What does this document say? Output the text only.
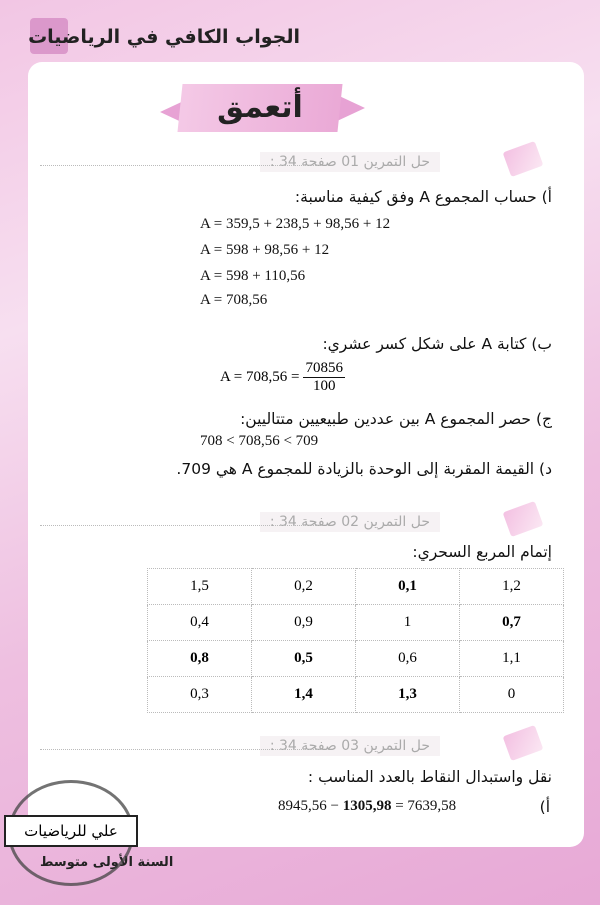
الجواب الكافي في الرياضيات
أتعمق
حل التمرين 01 صفحة 34 :
أ) حساب المجموع A وفق كيفية مناسبة:
A = 359,5 + 238,5 + 98,56 + 12
A = 598 + 98,56 + 12
A = 598 + 110,56
A = 708,56
ب) كتابة A على شكل كسر عشري:
$A = 708,56 = \frac{70856}{100}$
ج) حصر المجموع A بين عددين طبيعيين متتاليين:
708 < 708,56 < 709
د) القيمة المقربة إلى الوحدة بالزيادة للمجموع A هي 709.
حل التمرين 02 صفحة 34 :
إتمام المربع السحري:
1,5	0,2	0,1	1,2
0,4	0,9	1	0,7
0,8	0,5	0,6	1,1
0,3	1,4	1,3	0
حل التمرين 03 صفحة 34 :
نقل واستبدال النقاط بالعدد المناسب :
8945,56 − 1305,98 = 7639,58	أ)
السنة الأولى متوسط
علي للرياضيات
